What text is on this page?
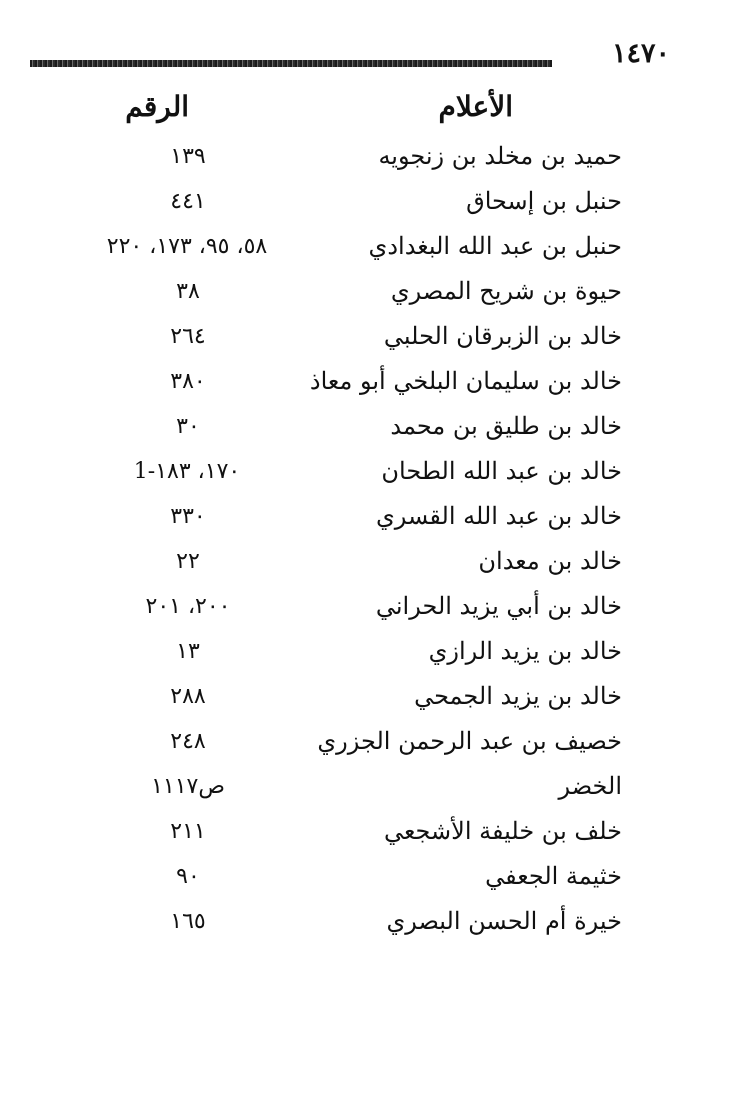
١٤٧٠
الأعلام
الرقم
حميد بن مخلد بن زنجويه
١٣٩
حنبل بن إسحاق
٤٤١
حنبل بن عبد الله البغدادي
٥٨، ٩٥، ١٧٣، ٢٢٠
حيوة بن شريح المصري
٣٨
خالد بن الزبرقان الحلبي
٢٦٤
خالد بن سليمان البلخي أبو معاذ
٣٨٠
خالد بن طليق بن محمد
٣٠
خالد بن عبد الله الطحان
١٧٠، ١٨٣-1
خالد بن عبد الله القسري
٣٣٠
خالد بن معدان
٢٢
خالد بن أبي يزيد الحراني
٢٠٠، ٢٠١
خالد بن يزيد الرازي
١٣
خالد بن يزيد الجمحي
٢٨٨
خصيف بن عبد الرحمن الجزري
٢٤٨
الخضر
ص١١١٧
خلف بن خليفة الأشجعي
٢١١
خثيمة الجعفي
٩٠
خيرة أم الحسن البصري
١٦٥
